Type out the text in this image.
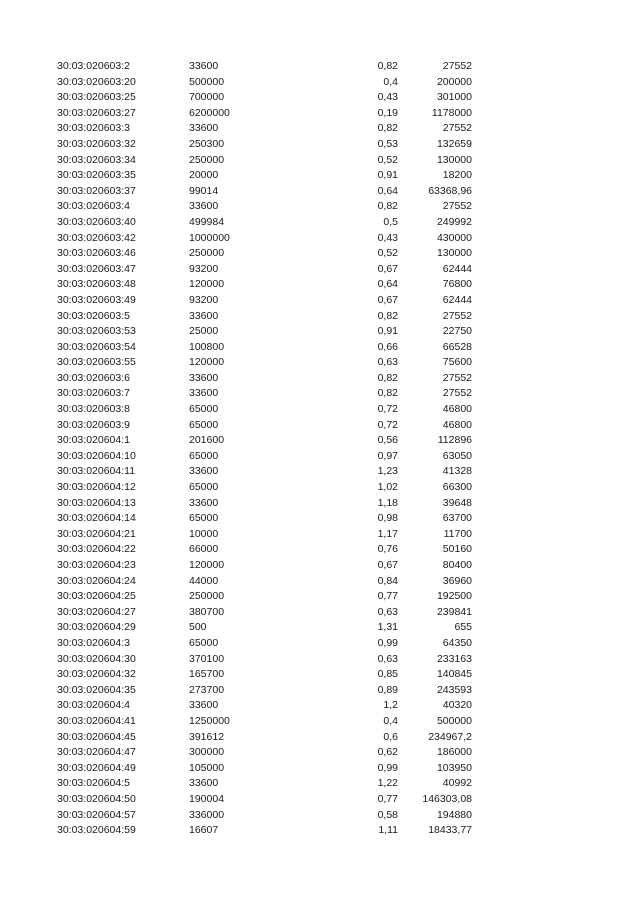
30:03:020603:2	33600	0,82	27552
30:03:020603:20	500000	0,4	200000
30:03:020603:25	700000	0,43	301000
30:03:020603:27	6200000	0,19	1178000
30:03:020603:3	33600	0,82	27552
30:03:020603:32	250300	0,53	132659
30:03:020603:34	250000	0,52	130000
30:03:020603:35	20000	0,91	18200
30:03:020603:37	99014	0,64	63368,96
30:03:020603:4	33600	0,82	27552
30:03:020603:40	499984	0,5	249992
30:03:020603:42	1000000	0,43	430000
30:03:020603:46	250000	0,52	130000
30:03:020603:47	93200	0,67	62444
30:03:020603:48	120000	0,64	76800
30:03:020603:49	93200	0,67	62444
30:03:020603:5	33600	0,82	27552
30:03:020603:53	25000	0,91	22750
30:03:020603:54	100800	0,66	66528
30:03:020603:55	120000	0,63	75600
30:03:020603:6	33600	0,82	27552
30:03:020603:7	33600	0,82	27552
30:03:020603:8	65000	0,72	46800
30:03:020603:9	65000	0,72	46800
30:03:020604:1	201600	0,56	112896
30:03:020604:10	65000	0,97	63050
30:03:020604:11	33600	1,23	41328
30:03:020604:12	65000	1,02	66300
30:03:020604:13	33600	1,18	39648
30:03:020604:14	65000	0,98	63700
30:03:020604:21	10000	1,17	11700
30:03:020604:22	66000	0,76	50160
30:03:020604:23	120000	0,67	80400
30:03:020604:24	44000	0,84	36960
30:03:020604:25	250000	0,77	192500
30:03:020604:27	380700	0,63	239841
30:03:020604:29	500	1,31	655
30:03:020604:3	65000	0,99	64350
30:03:020604:30	370100	0,63	233163
30:03:020604:32	165700	0,85	140845
30:03:020604:35	273700	0,89	243593
30:03:020604:4	33600	1,2	40320
30:03:020604:41	1250000	0,4	500000
30:03:020604:45	391612	0,6	234967,2
30:03:020604:47	300000	0,62	186000
30:03:020604:49	105000	0,99	103950
30:03:020604:5	33600	1,22	40992
30:03:020604:50	190004	0,77 146303,08
30:03:020604:57	336000	0,58	194880
30:03:020604:59	16607	1,11	18433,77
